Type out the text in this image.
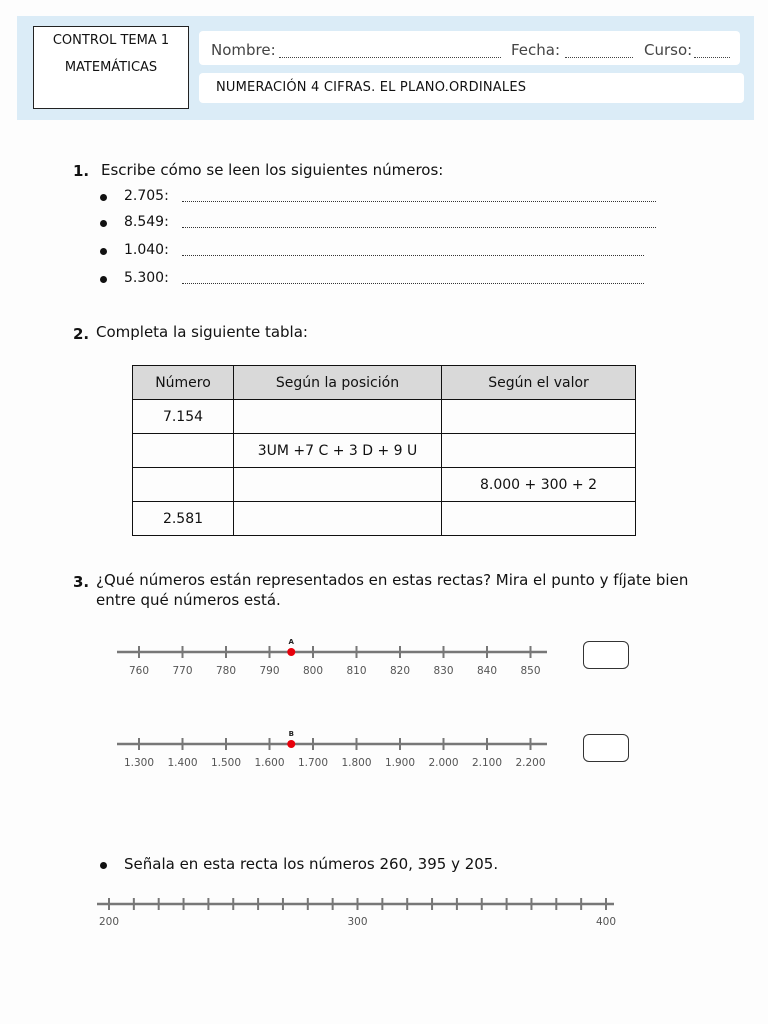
CONTROL TEMA 1
MATEMÁTICAS
Nombre:	Fecha:	Curso:
NUMERACIÓN 4 CIFRAS. EL PLANO.ORDINALES
1. Escribe cómo se leen los siguientes números:
2.705:
8.549:
1.040:
5.300:
2. Completa la siguiente tabla:
Número	Según la posición	Según el valor
7.154		
	3UM +7 C + 3 D + 9 U	
		8.000 + 300 + 2
2.581		
3. ¿Qué números están representados en estas rectas? Mira el punto y fíjate bien
entre qué números está.
760 770 780 790 800 810 820 830 840 850
A
1.300 1.400 1.500 1.600 1.700 1.800 1.900 2.000 2.100 2.200
B
Señala en esta recta los números 260, 395 y 205.
200	300	400
